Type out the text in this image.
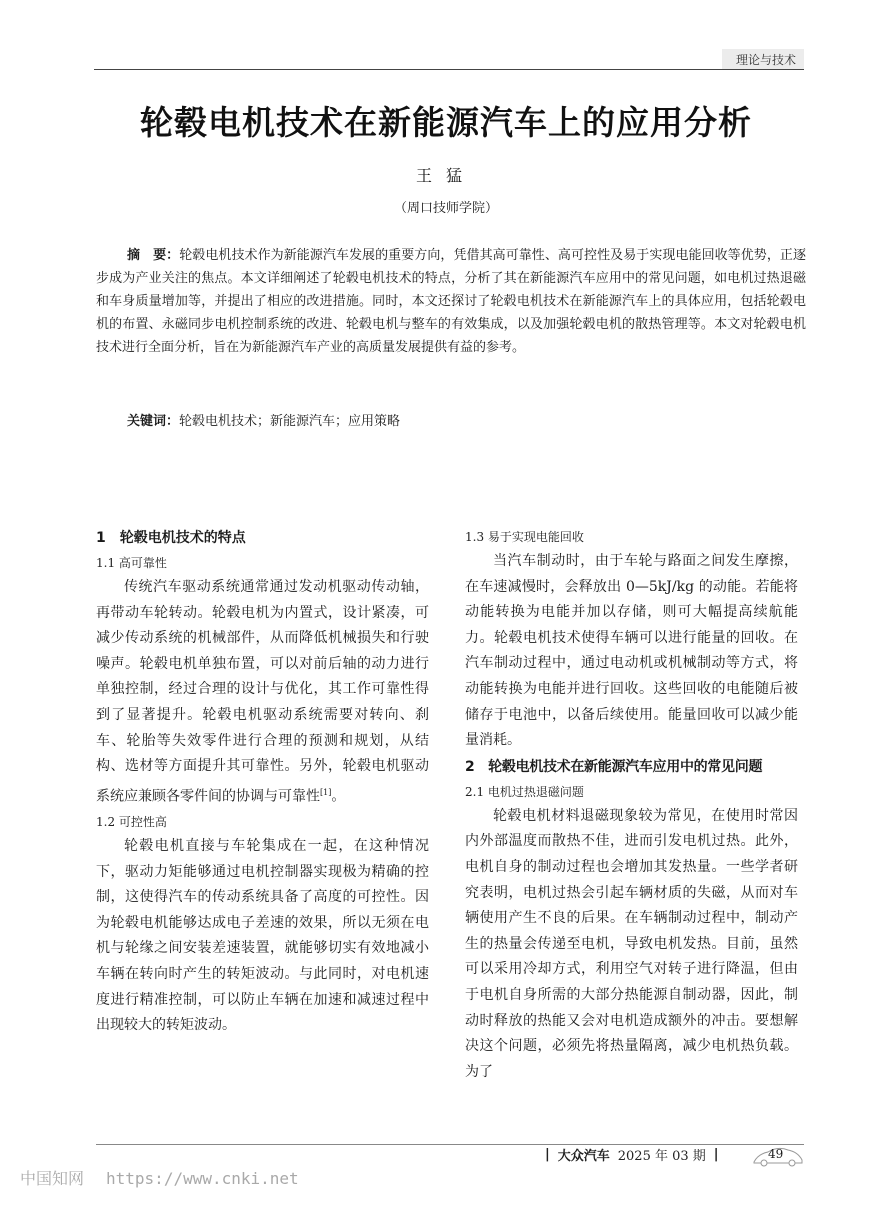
理论与技术
轮毂电机技术在新能源汽车上的应用分析
王猛
（周口技师学院）
摘　要：轮毂电机技术作为新能源汽车发展的重要方向，凭借其高可靠性、高可控性及易于实现电能回收等优势，正逐步成为产业关注的焦点。本文详细阐述了轮毂电机技术的特点，分析了其在新能源汽车应用中的常见问题，如电机过热退磁和车身质量增加等，并提出了相应的改进措施。同时，本文还探讨了轮毂电机技术在新能源汽车上的具体应用，包括轮毂电机的布置、永磁同步电机控制系统的改进、轮毂电机与整车的有效集成，以及加强轮毂电机的散热管理等。本文对轮毂电机技术进行全面分析，旨在为新能源汽车产业的高质量发展提供有益的参考。
关键词：轮毂电机技术；新能源汽车；应用策略
1　轮毂电机技术的特点
1.1 高可靠性

传统汽车驱动系统通常通过发动机驱动传动轴，再带动车轮转动。轮毂电机为内置式，设计紧凑，可减少传动系统的机械部件，从而降低机械损失和行驶噪声。轮毂电机单独布置，可以对前后轴的动力进行单独控制，经过合理的设计与优化，其工作可靠性得到了显著提升。轮毂电机驱动系统需要对转向、刹车、轮胎等失效零件进行合理的预测和规划，从结构、选材等方面提升其可靠性。另外，轮毂电机驱动系统应兼顾各零件间的协调与可靠性[1]。

1.2 可控性高

轮毂电机直接与车轮集成在一起，在这种情况下，驱动力矩能够通过电机控制器实现极为精确的控制，这使得汽车的传动系统具备了高度的可控性。因为轮毂电机能够达成电子差速的效果，所以无须在电机与轮缘之间安装差速装置，就能够切实有效地减小车辆在转向时产生的转矩波动。与此同时，对电机速度进行精准控制，可以防止车辆在加速和减速过程中出现较大的转矩波动。

1.3 易于实现电能回收

当汽车制动时，由于车轮与路面之间发生摩擦，在车速减慢时，会释放出 0—5kJ/kg 的动能。若能将动能转换为电能并加以存储，则可大幅提高续航能力。轮毂电机技术使得车辆可以进行能量的回收。在汽车制动过程中，通过电动机或机械制动等方式，将动能转换为电能并进行回收。这些回收的电能随后被储存于电池中，以备后续使用。能量回收可以减少能量消耗。

2　轮毂电机技术在新能源汽车应用中的常见问题
2.1 电机过热退磁问题

轮毂电机材料退磁现象较为常见，在使用时常因内外部温度而散热不佳，进而引发电机过热。此外，电机自身的制动过程也会增加其发热量。一些学者研究表明，电机过热会引起车辆材质的失磁，从而对车辆使用产生不良的后果。在车辆制动过程中，制动产生的热量会传递至电机，导致电机发热。目前，虽然可以采用冷却方式，利用空气对转子进行降温，但由于电机自身所需的大部分热能源自制动器，因此，制动时释放的热能又会对电机造成额外的冲击。要想解决这个问题，必须先将热量隔离，减少电机热负载。为了

| 大众汽车 2025 年 03 期 |	49
中国知网 https://www.cnki.net
